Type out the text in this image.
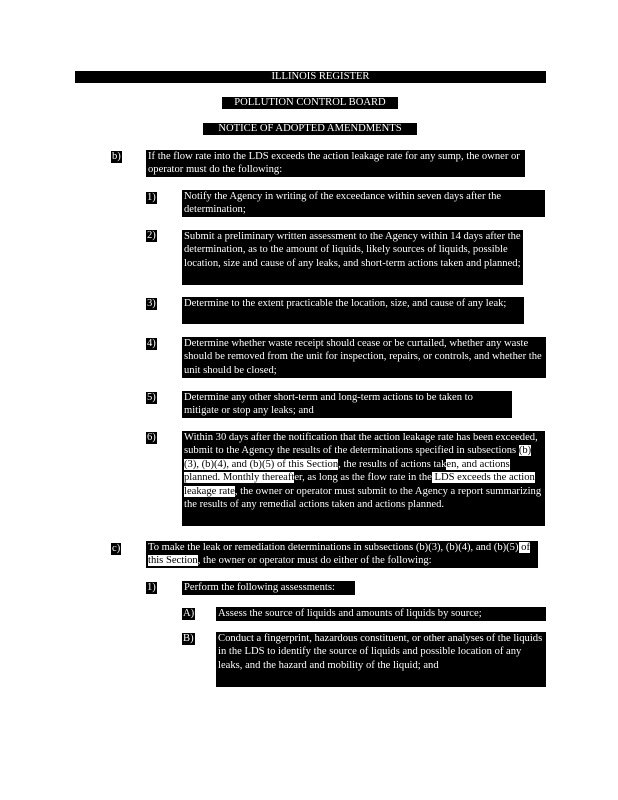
ILLINOIS REGISTER
POLLUTION CONTROL BOARD
NOTICE OF ADOPTED AMENDMENTS
b)	If the flow rate into the LDS exceeds the action leakage rate for any sump, the owner or operator must do the following:
1)	Notify the Agency in writing of the exceedance within seven days after the determination;
2)	Submit a preliminary written assessment to the Agency within 14 days after the determination, as to the amount of liquids, likely sources of liquids, possible location, size and cause of any leaks, and short-term actions taken and planned;
3)	Determine to the extent practicable the location, size, and cause of any leak;
4)	Determine whether waste receipt should cease or be curtailed, whether any waste should be removed from the unit for inspection, repairs, or controls, and whether the unit should be closed;
5)	Determine any other short-term and long-term actions to be taken to mitigate or stop any leaks; and
6)	Within 30 days after the notification that the action leakage rate has been exceeded, submit to the Agency the results of the determinations specified in subsections (b)(3), (b)(4), and (b)(5) of this Section, the results of actions taken, and actions planned. Monthly thereafter, as long as the flow rate in the LDS exceeds the action leakage rate, the owner or operator must submit to the Agency a report summarizing the results of any remedial actions taken and actions planned.
c)	To make the leak or remediation determinations in subsections (b)(3), (b)(4), and (b)(5) of this Section, the owner or operator must do either of the following:
1)	Perform the following assessments:
A) Assess the source of liquids and amounts of liquids by source;
B) Conduct a fingerprint, hazardous constituent, or other analyses of the liquids in the LDS to identify the source of liquids and possible location of any leaks, and the hazard and mobility of the liquid; and
